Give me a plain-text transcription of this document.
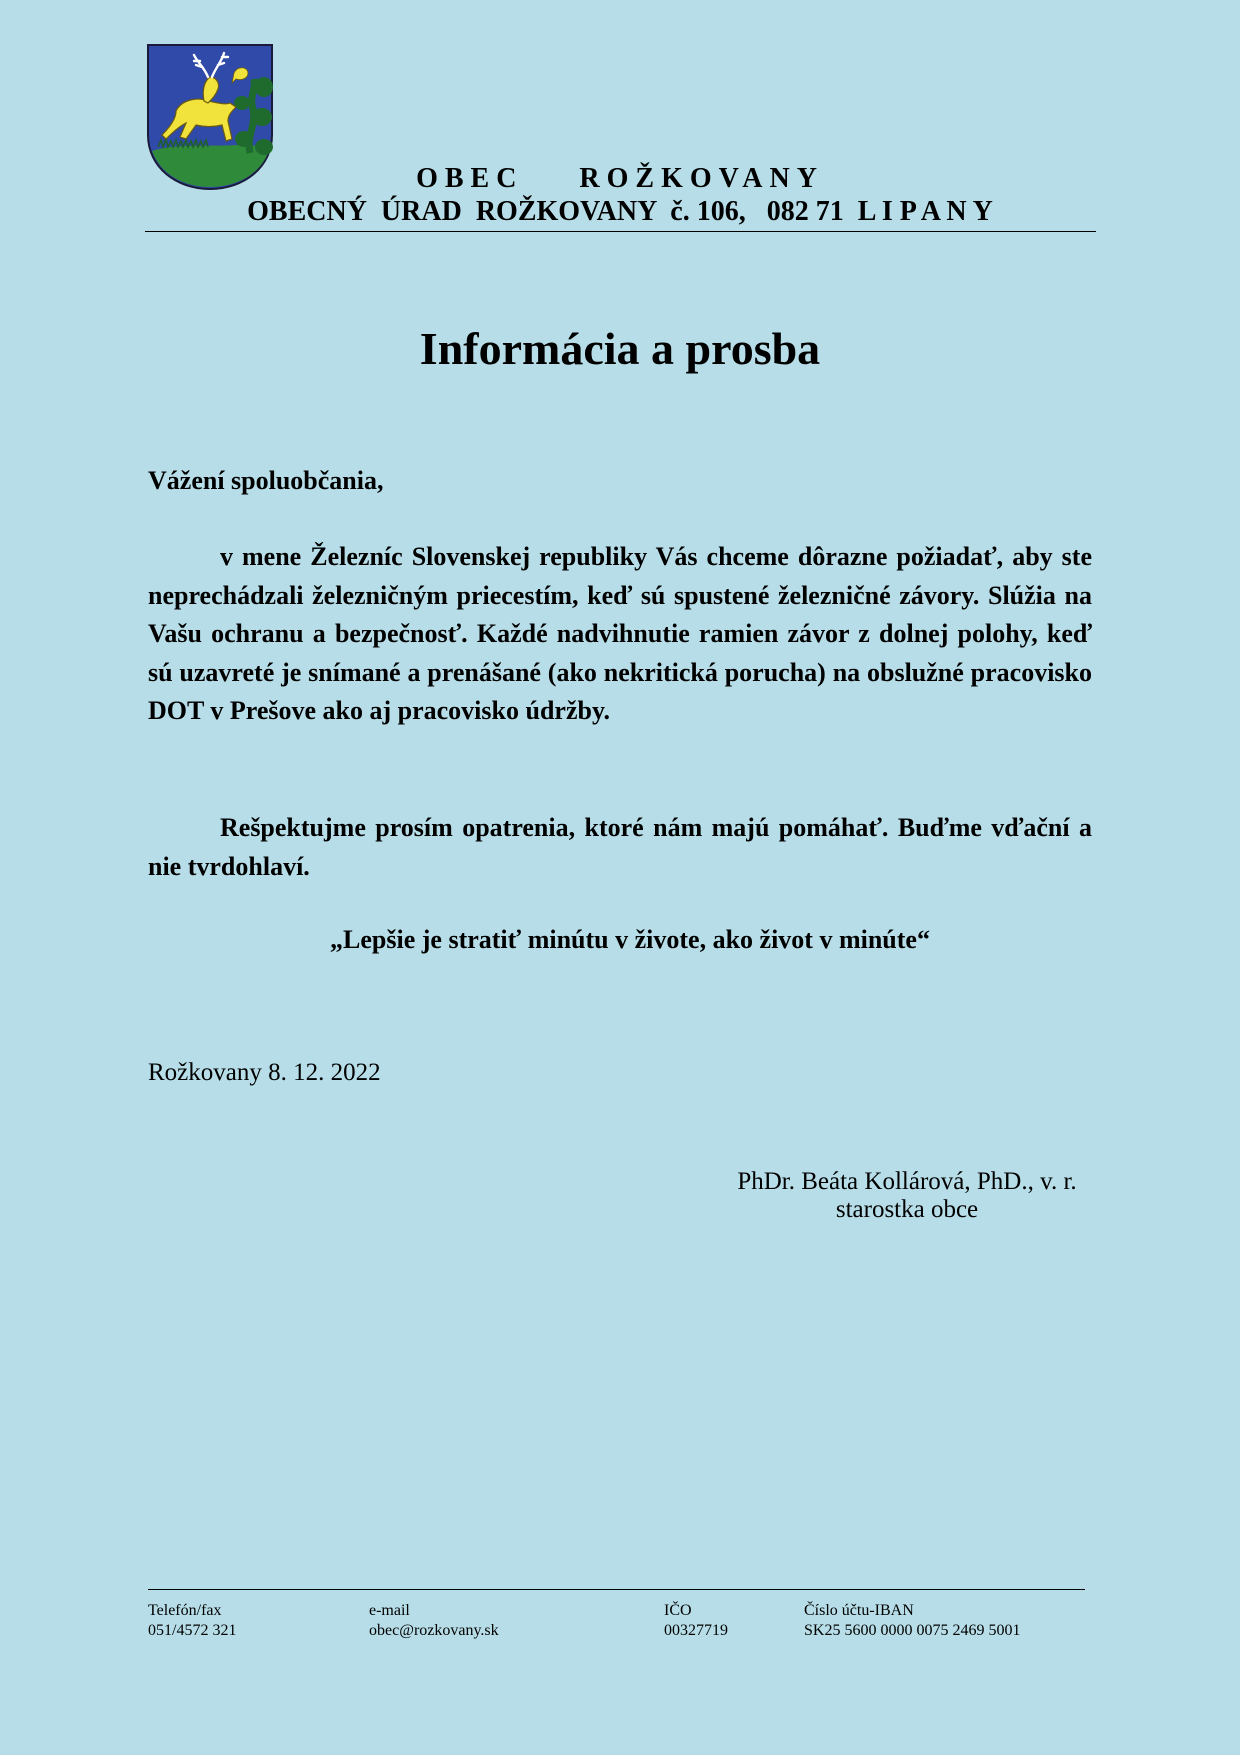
OBEC    ROŽKOVANY
OBECNÝ  ÚRAD  ROŽKOVANY  č. 106,   082 71  L I P A N Y
Informácia a prosba
Vážení spoluobčania,
v mene Železníc Slovenskej republiky Vás chceme dôrazne požiadať, aby ste neprechádzali železničným priecestím, keď sú spustené železničné závory. Slúžia na Vašu ochranu a bezpečnosť. Každé nadvihnutie ramien závor z dolnej polohy, keď sú uzavreté je snímané a prenášané (ako nekritická porucha) na obslužné pracovisko DOT v Prešove ako aj pracovisko údržby.
Rešpektujme prosím opatrenia, ktoré nám majú pomáhať. Buďme vďační a nie tvrdohlaví.
„Lepšie je stratiť minútu v živote, ako život v minúte“
Rožkovany 8. 12. 2022
PhDr. Beáta Kollárová, PhD., v. r.
starostka obce
Telefón/fax
051/4572 321
e-mail
obec@rozkovany.sk
IČO
00327719
Číslo účtu-IBAN
SK25 5600 0000 0075 2469 5001
